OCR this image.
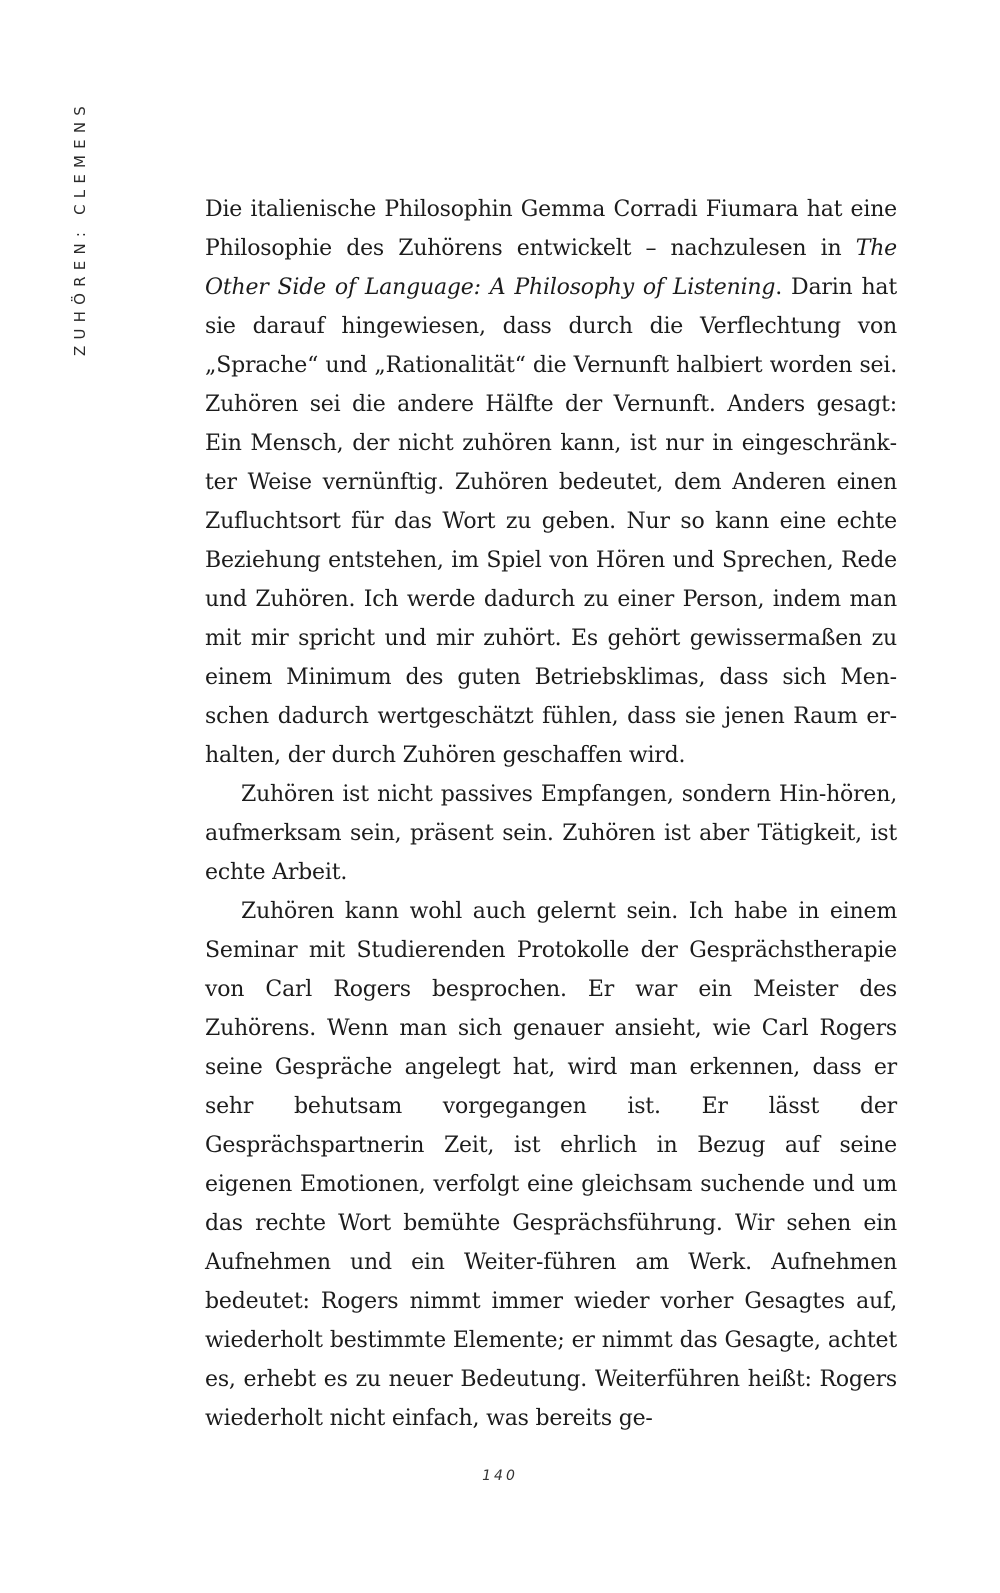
ZUHÖREN: CLEMENS	Die italienische Philosophin Gemma Corradi Fiumara hat eine Philosophie des Zuhörens entwickelt – nachzulesen in The Other Side of Language: A Philosophy of Listening. Darin hat sie darauf hingewiesen, dass durch die Verflechtung von „Sprache“ und „Rationalität“ die Vernunft halbiert worden sei. Zuhören sei die andere Hälfte der Vernunft. Anders gesagt: Ein Mensch, der nicht zuhören kann, ist nur in eingeschränkter Weise vernünftig. Zuhören bedeutet, dem Anderen einen Zufluchtsort für das Wort zu geben. Nur so kann eine echte Beziehung entstehen, im Spiel von Hören und Sprechen, Rede und Zuhören. Ich werde dadurch zu einer Person, indem man mit mir spricht und mir zuhört. Es gehört gewissermaßen zu einem Minimum des guten Betriebsklimas, dass sich Menschen dadurch wertgeschätzt fühlen, dass sie jenen Raum erhalten, der durch Zuhören geschaffen wird.

Zuhören ist nicht passives Empfangen, sondern Hin-hören, aufmerksam sein, präsent sein. Zuhören ist aber Tätigkeit, ist echte Arbeit.

Zuhören kann wohl auch gelernt sein. Ich habe in einem Seminar mit Studierenden Protokolle der Gesprächstherapie von Carl Rogers besprochen. Er war ein Meister des Zuhörens. Wenn man sich genauer ansieht, wie Carl Rogers seine Gespräche angelegt hat, wird man erkennen, dass er sehr behutsam vorgegangen ist. Er lässt der Gesprächspartnerin Zeit, ist ehrlich in Bezug auf seine eigenen Emotionen, verfolgt eine gleichsam suchende und um das rechte Wort bemühte Gesprächsführung. Wir sehen ein Aufnehmen und ein Weiter-führen am Werk. Aufnehmen bedeutet: Rogers nimmt immer wieder vorher Gesagtes auf, wiederholt bestimmte Elemente; er nimmt das Gesagte, achtet es, erhebt es zu neuer Bedeutung. Weiterführen heißt: Rogers wiederholt nicht einfach, was bereits ge-

140
